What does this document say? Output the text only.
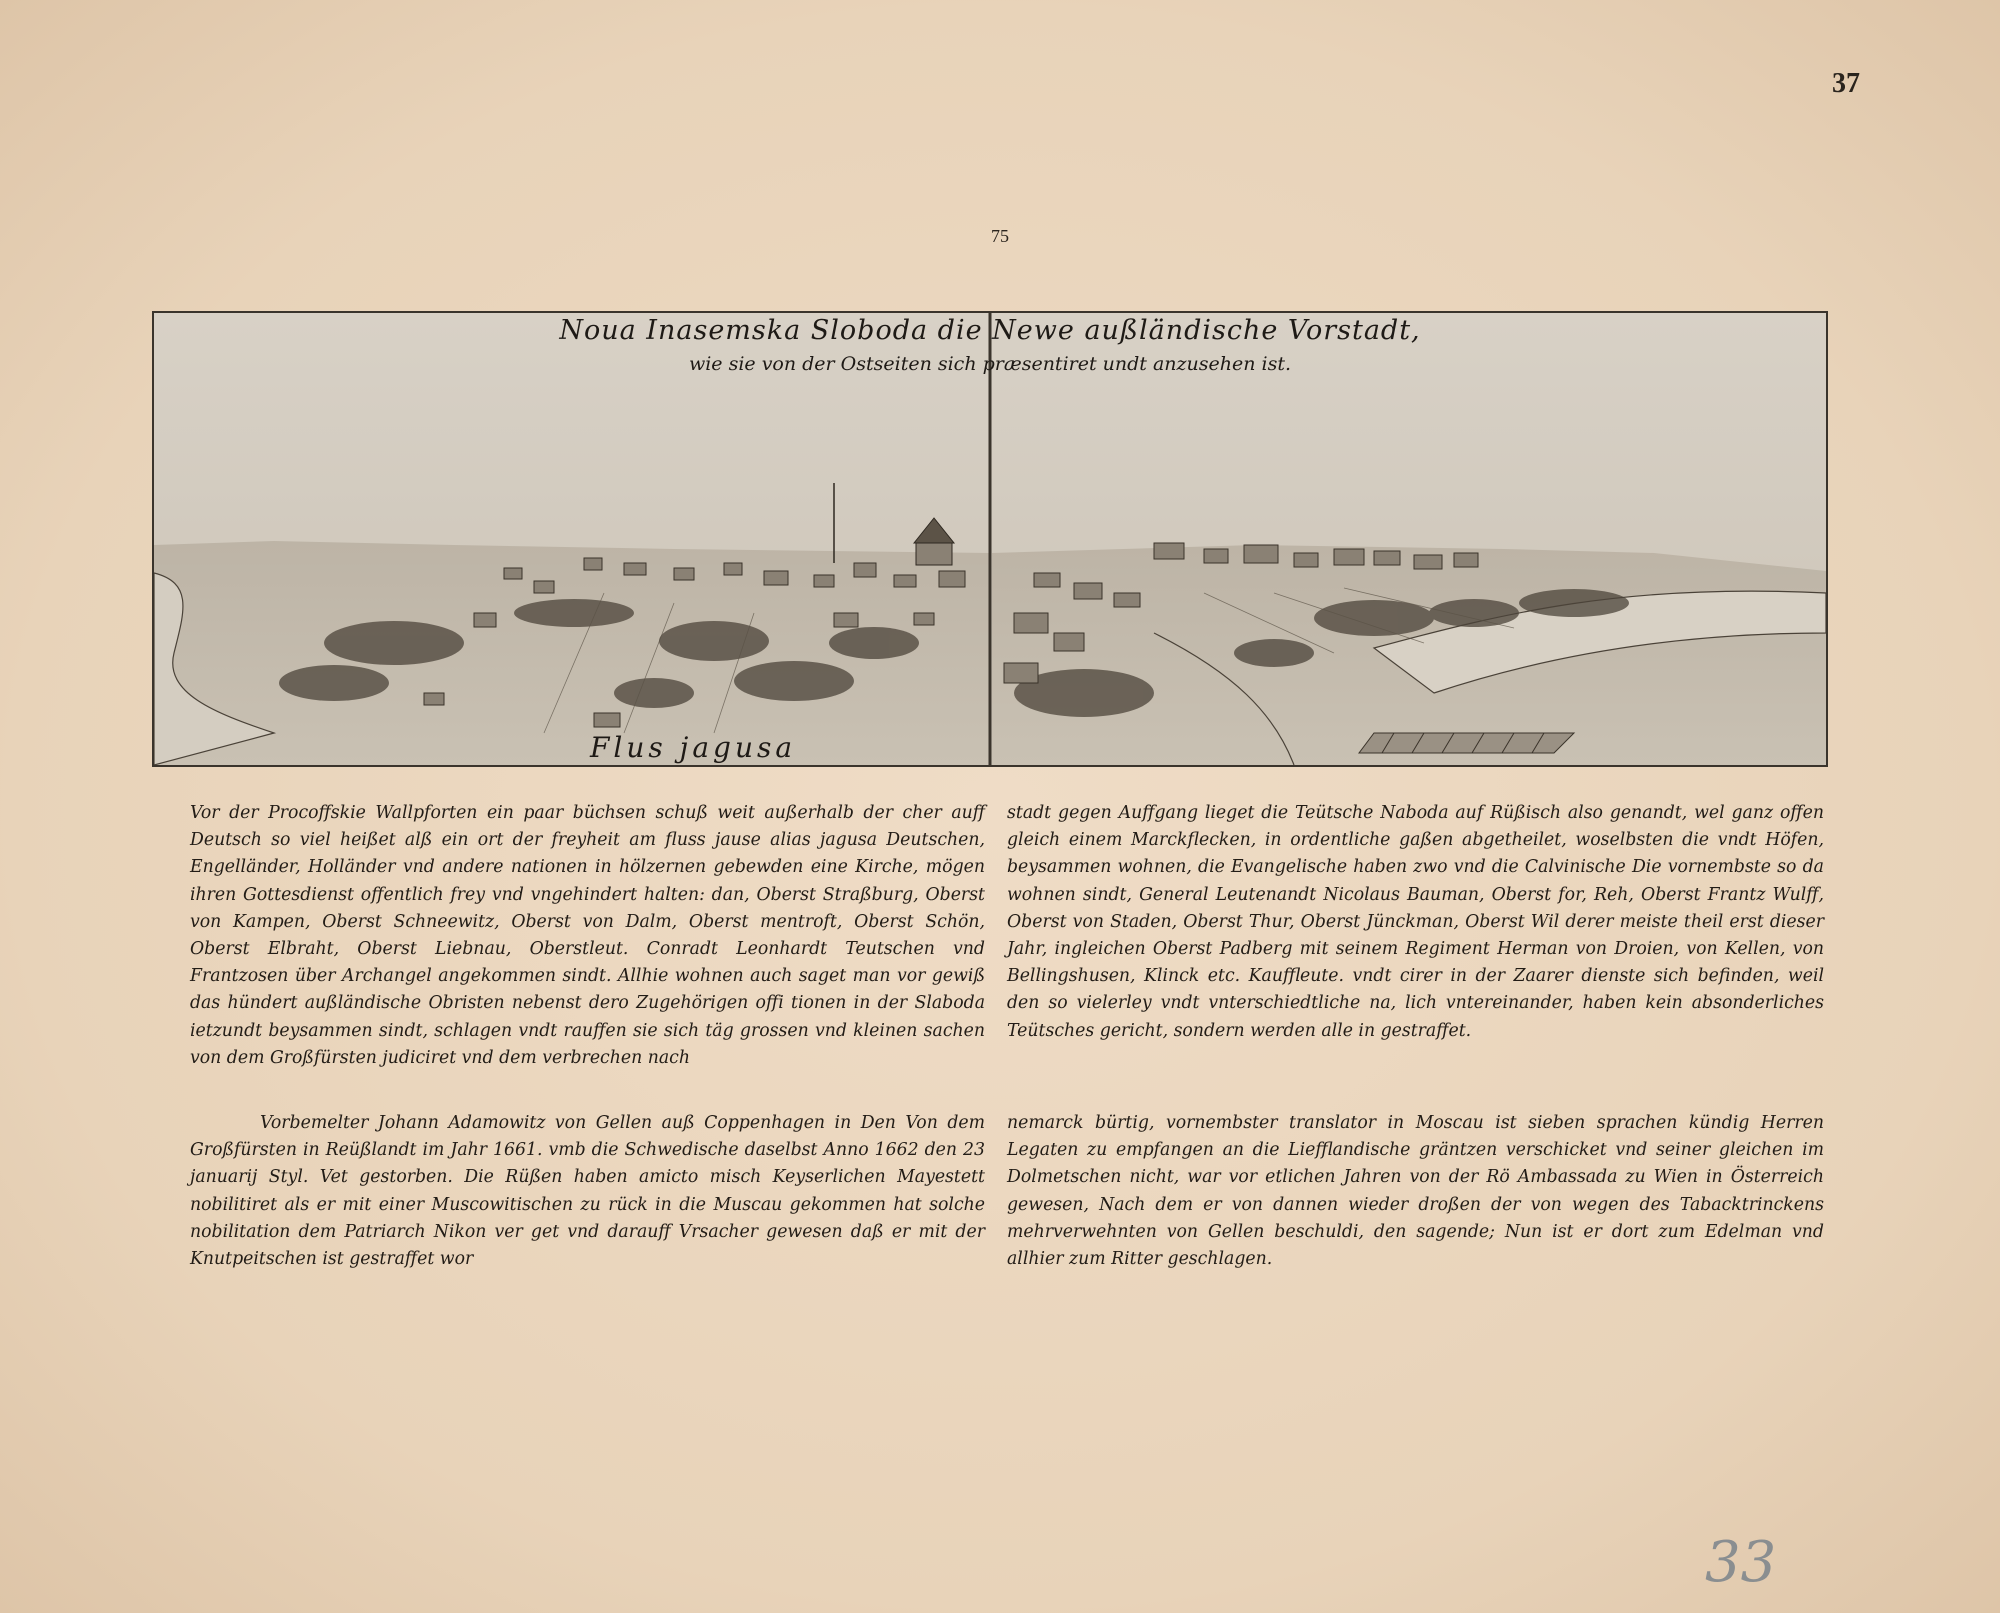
37
75
Noua Inasemska Sloboda die Newe außländische Vorstadt,
wie sie von der Ostseiten sich præsentiret undt anzusehen ist.
Flus jagusa

Vor der Procoffskie Wallpforten ein paar büchsen schuß weit außerhalb der cher auff Deutsch so viel heißet alß ein ort der freyheit am fluss jause alias jagusa Deutschen, Engelländer, Holländer vnd andere nationen in hölzernen gebewden eine Kirche, mögen ihren Gottesdienst offentlich frey vnd vngehindert halten: dan, Oberst Straßburg, Oberst von Kampen, Oberst Schneewitz, Oberst von Dalm, Oberst mentroft, Oberst Schön, Oberst Elbraht, Oberst Liebnau, Oberstleut. Conradt Leonhardt Teutschen vnd Frantzosen über Archangel angekommen sindt. Allhie wohnen auch saget man vor gewiß das hündert außländische Obristen nebenst dero Zugehörigen offi tionen in der Slaboda ietzundt beysammen sindt, schlagen vndt rauffen sie sich täg grossen vnd kleinen sachen von dem Großfürsten judiciret vnd dem verbrechen nach

Vorbemelter Johann Adamowitz von Gellen auß Coppenhagen in Den Von dem Großfürsten in Reüßlandt im Jahr 1661. vmb die Schwedische daselbst Anno 1662 den 23 januarij Styl. Vet gestorben. Die Rüßen haben amicto misch Keyserlichen Mayestett nobilitiret als er mit einer Muscowitischen zu rück in die Muscau gekommen hat solche nobilitation dem Patriarch Nikon ver get vnd darauff Vrsacher gewesen daß er mit der Knutpeitschen ist gestraffet wor

stadt gegen Auffgang lieget die Teütsche Naboda auf Rüßisch also genandt, wel ganz offen gleich einem Marckflecken, in ordentliche gaßen abgetheilet, woselbsten die vndt Höfen, beysammen wohnen, die Evangelische haben zwo vnd die Calvinische Die vornembste so da wohnen sindt, General Leutenandt Nicolaus Bauman, Oberst for, Reh, Oberst Frantz Wulff, Oberst von Staden, Oberst Thur, Oberst Jünckman, Oberst Wil derer meiste theil erst dieser Jahr, ingleichen Oberst Padberg mit seinem Regiment Herman von Droien, von Kellen, von Bellingshusen, Klinck etc. Kauffleute. vndt cirer in der Zaarer dienste sich befinden, weil den so vielerley vndt vnterschiedtliche na, lich vntereinander, haben kein absonderliches Teütsches gericht, sondern werden alle in gestraffet.

nemarck bürtig, vornembster translator in Moscau ist sieben sprachen kündig Herren Legaten zu empfangen an die Liefflandische gräntzen verschicket vnd seiner gleichen im Dolmetschen nicht, war vor etlichen Jahren von der Rö Ambassada zu Wien in Österreich gewesen, Nach dem er von dannen wieder droßen der von wegen des Tabacktrinckens mehrverwehnten von Gellen beschuldi, den sagende; Nun ist er dort zum Edelman vnd allhier zum Ritter geschlagen.

33
